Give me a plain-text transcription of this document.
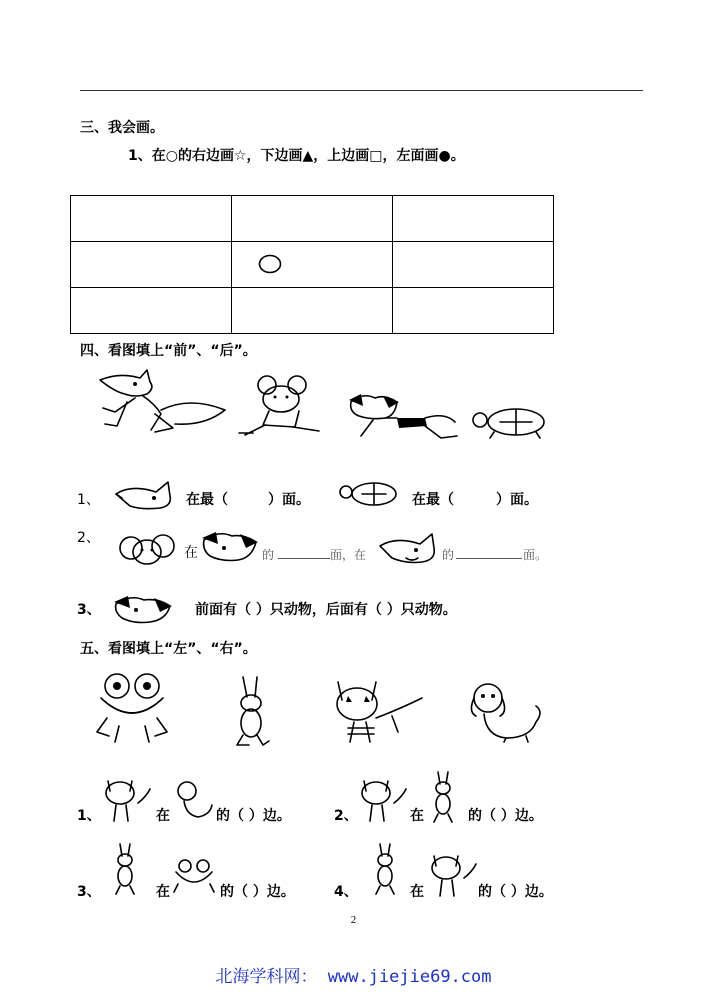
三、我会画。
1、在○的右边画☆，下边画▲，上边画□，左面画●。

四、看图填上“前”、“后”。
1、	在最（	）面。	在最（	）面。
2、
在	的	面，在	的	面。
3、	前面有（ ）只动物，后面有（ ）只动物。
五、看图填上“左”、“右”。
1、	在	的（ ）边。	2、	在	的（ ）边。
3、	在	的（ ）边。	4、	在	的（ ）边。
2
北海学科网： www.jiejie69.com
